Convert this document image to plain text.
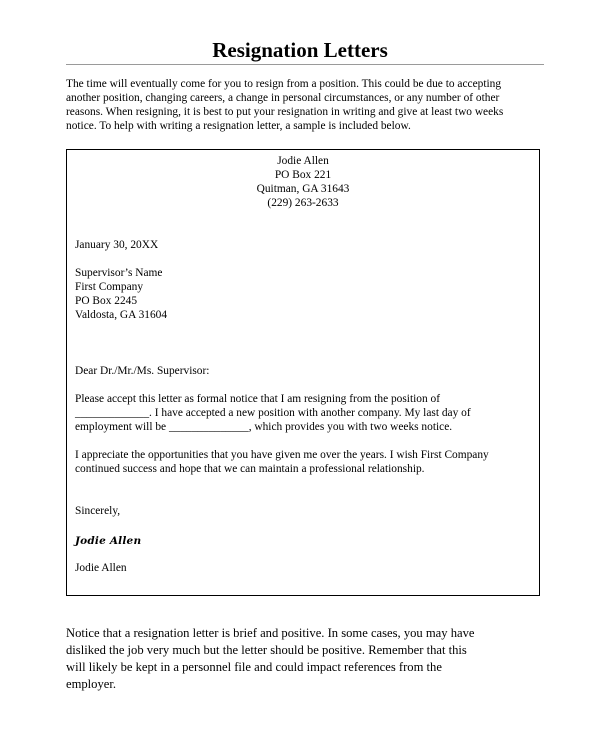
Resignation Letters

The time will eventually come for you to resign from a position. This could be due to accepting
another position, changing careers, a change in personal circumstances, or any number of other
reasons. When resigning, it is best to put your resignation in writing and give at least two weeks
notice. To help with writing a resignation letter, a sample is included below.

Jodie Allen
PO Box 221
Quitman, GA 31643
(229) 263-2633
January 30, 20XX
Supervisor’s Name
First Company
PO Box 2245
Valdosta, GA 31604
Dear Dr./Mr./Ms. Supervisor:
Please accept this letter as formal notice that I am resigning from the position of
_____________. I have accepted a new position with another company. My last day of
employment will be ______________, which provides you with two weeks notice.
I appreciate the opportunities that you have given me over the years. I wish First Company
continued success and hope that we can maintain a professional relationship.
Sincerely,
Jodie Allen
Jodie Allen

Notice that a resignation letter is brief and positive. In some cases, you may have
disliked the job very much but the letter should be positive. Remember that this
will likely be kept in a personnel file and could impact references from the
employer.
